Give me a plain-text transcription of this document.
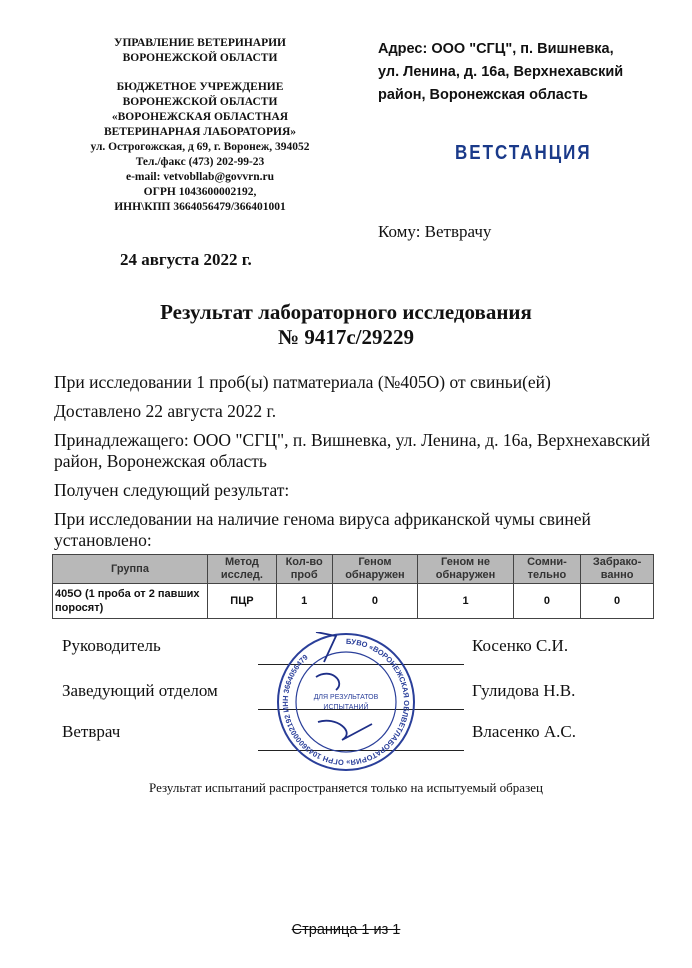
УПРАВЛЕНИЕ ВЕТЕРИНАРИИ
ВОРОНЕЖСКОЙ ОБЛАСТИ
БЮДЖЕТНОЕ УЧРЕЖДЕНИЕ
ВОРОНЕЖСКОЙ ОБЛАСТИ
«ВОРОНЕЖСКАЯ ОБЛАСТНАЯ
ВЕТЕРИНАРНАЯ ЛАБОРАТОРИЯ»
ул. Острогожская, д 69, г. Воронеж, 394052
Тел./факс (473) 202-99-23
e-mail: vetvobllab@govvrn.ru
ОГРН 1043600002192,
ИНН\КПП 3664056479/366401001
Адрес: ООО "СГЦ", п. Вишневка,
ул. Ленина, д. 16а, Верхнехавский
район, Воронежская область
ВЕТСТАНЦИЯ
Кому: Ветврачу
24 августа 2022 г.
Результат лабораторного исследования
№ 9417с/29229

При исследовании 1 проб(ы) патматериала (№405О) от свиньи(ей)

Доставлено 22 августа 2022 г.

Принадлежащего: ООО "СГЦ", п. Вишневка, ул. Ленина, д. 16а, Верхнехавский район, Воронежская область

Получен следующий результат:

При исследовании на наличие генома вируса африканской чумы свиней установлено:

Группа	Метод исслед.	Кол-во проб	Геном обнаружен	Геном не обнаружен	Сомни-тельно	Забрако-ванно
405О (1 проба от 2 павших поросят)	ПЦР	1	0	1	0	0
Руководитель	Косенко С.И.
Заведующий отделом	Гулидова Н.В.
Ветврач	Власенко А.С.
БУВО «ВОРОНЕЖСКАЯ ОБЛВЕТЛАБОРАТОРИЯ» ОГРН 1043600002192 ИНН 3664056479
ДЛЯ РЕЗУЛЬТАТОВ
ИСПЫТАНИЙ
Результат испытаний распространяется только на испытуемый образец
Страница 1 из 1
